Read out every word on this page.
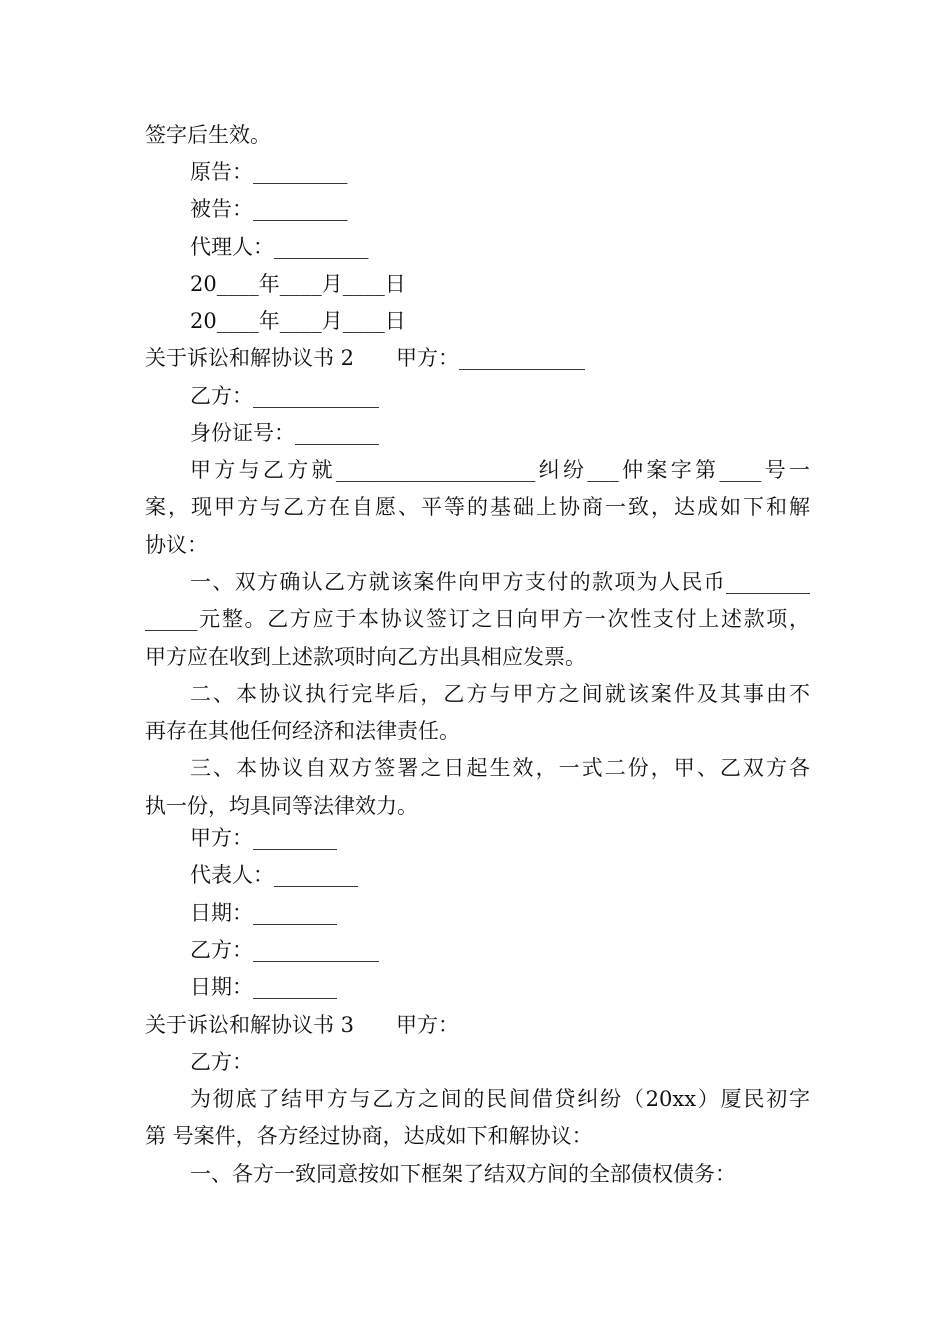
签字后生效。
原告：_________
被告：_________
代理人：_________
20____年____月____日
20____年____月____日
关于诉讼和解协议书 2　　甲方：____________
乙方：____________
身份证号：________
甲方与乙方就___________________纠纷___仲案字第____号一
案，现甲方与乙方在自愿、平等的基础上协商一致，达成如下和解
协议：
一、双方确认乙方就该案件向甲方支付的款项为人民币________
_____元整。乙方应于本协议签订之日向甲方一次性支付上述款项，
甲方应在收到上述款项时向乙方出具相应发票。
二、本协议执行完毕后，乙方与甲方之间就该案件及其事由不
再存在其他任何经济和法律责任。
三、本协议自双方签署之日起生效，一式二份，甲、乙双方各
执一份，均具同等法律效力。
甲方：________
代表人：________
日期：________
乙方：____________
日期：________
关于诉讼和解协议书 3　　甲方：
乙方：
为彻底了结甲方与乙方之间的民间借贷纠纷（20xx）厦民初字
第 号案件，各方经过协商，达成如下和解协议：
一、各方一致同意按如下框架了结双方间的全部债权债务：
